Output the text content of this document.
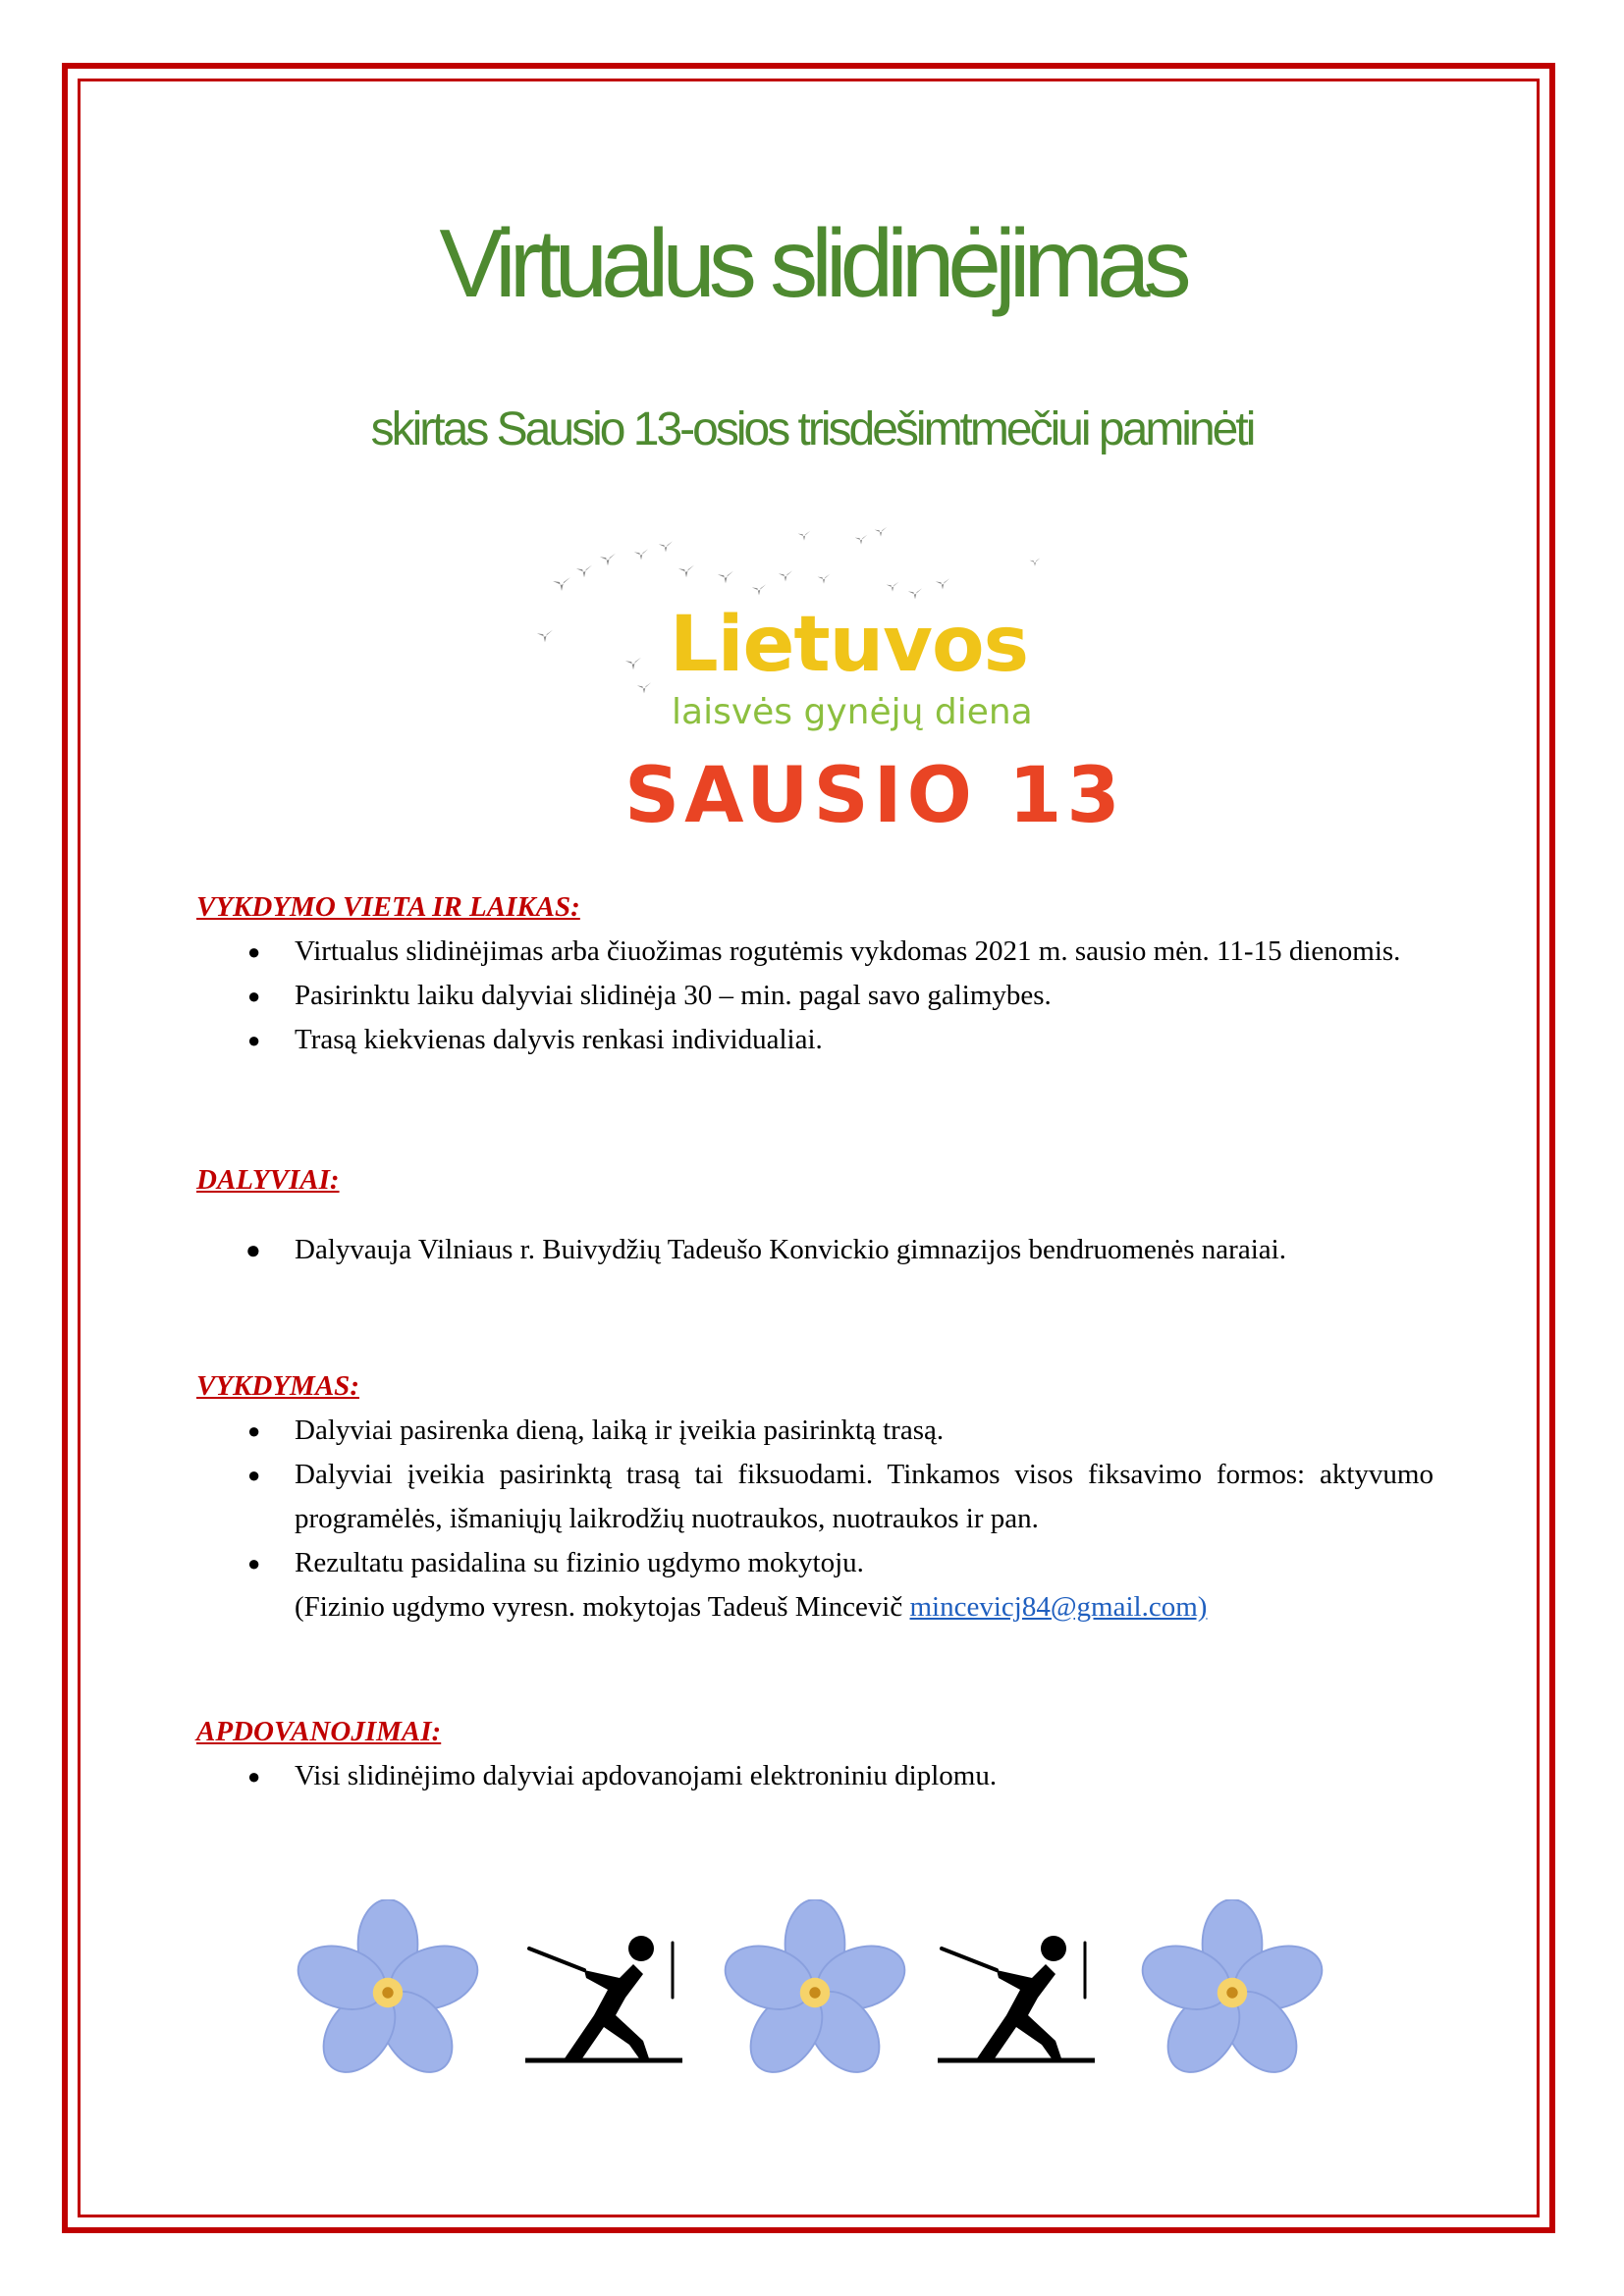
Virtualus slidinėjimas
skirtas Sausio 13-osios trisdešimtmečiui paminėti
Lietuvos
laisvės gynėjų diena
SAUSIO 13

VYKDYMO VIETA IR LAIKAS:

● Virtualus slidinėjimas arba čiuožimas rogutėmis vykdomas 2021 m. sausio mėn. 11-15 dienomis.
● Pasirinktu laiku dalyviai slidinėja 30 – min. pagal savo galimybes.
● Trasą kiekvienas dalyvis renkasi individualiai.

DALYVIAI:

● Dalyvauja Vilniaus r. Buivydžių Tadeušo Konvickio gimnazijos bendruomenės naraiai.

VYKDYMAS:

● Dalyviai pasirenka dieną, laiką ir įveikia pasirinktą trasą.
● Dalyviai įveikia pasirinktą trasą tai fiksuodami. Tinkamos visos fiksavimo formos: aktyvumo programėlės, išmaniųjų laikrodžių nuotraukos, nuotraukos ir pan.
● Rezultatu pasidalina su fizinio ugdymo mokytoju.
(Fizinio ugdymo vyresn. mokytojas Tadeuš Mincevič mincevicj84@gmail.com)

APDOVANOJIMAI:

● Visi slidinėjimo dalyviai apdovanojami elektroniniu diplomu.
